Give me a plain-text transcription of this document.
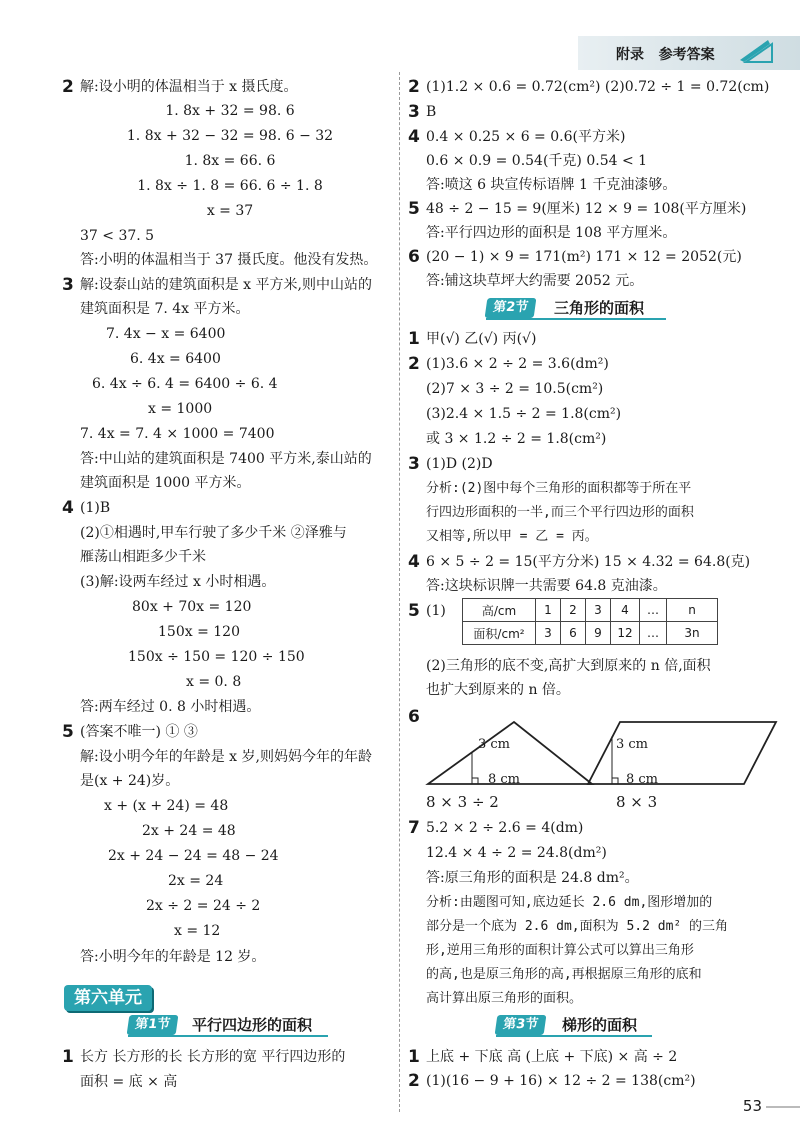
附录 参考答案
2 解:设小明的体温相当于 x 摄氏度。
1. 8x + 32 = 98. 6
1. 8x + 32 − 32 = 98. 6 − 32
1. 8x = 66. 6
1. 8x ÷ 1. 8 = 66. 6 ÷ 1. 8
x = 37
37 < 37. 5
答:小明的体温相当于 37 摄氏度。他没有发热。
3 解:设泰山站的建筑面积是 x 平方米,则中山站的
建筑面积是 7. 4x 平方米。
7. 4x − x = 6400
6. 4x = 6400
6. 4x ÷ 6. 4 = 6400 ÷ 6. 4
x = 1000
7. 4x = 7. 4 × 1000 = 7400
答:中山站的建筑面积是 7400 平方米,泰山站的
建筑面积是 1000 平方米。
4 (1)B
(2)①相遇时,甲车行驶了多少千米 ②泽雅与
雁荡山相距多少千米
(3)解:设两车经过 x 小时相遇。
80x + 70x = 120
150x = 120
150x ÷ 150 = 120 ÷ 150
x = 0. 8
答:两车经过 0. 8 小时相遇。
5 (答案不唯一) ① ③
解:设小明今年的年龄是 x 岁,则妈妈今年的年龄
是(x + 24)岁。
x + (x + 24) = 48
2x + 24 = 48
2x + 24 − 24 = 48 − 24
2x = 24
2x ÷ 2 = 24 ÷ 2
x = 12
答:小明今年的年龄是 12 岁。
第六单元
第1节	平行四边形的面积
1 长方 长方形的长 长方形的宽 平行四边形的
面积 = 底 × 高
2 (1)1.2 × 0.6 = 0.72(cm²) (2)0.72 ÷ 1 = 0.72(cm)
3 B
4 0.4 × 0.25 × 6 = 0.6(平方米)
0.6 × 0.9 = 0.54(千克) 0.54 < 1
答:喷这 6 块宣传标语牌 1 千克油漆够。
5 48 ÷ 2 − 15 = 9(厘米) 12 × 9 = 108(平方厘米)
答:平行四边形的面积是 108 平方厘米。
6 (20 − 1) × 9 = 171(m²) 171 × 12 = 2052(元)
答:铺这块草坪大约需要 2052 元。
第2节	三角形的面积
1 甲(√) 乙(√) 丙(√)
2 (1)3.6 × 2 ÷ 2 = 3.6(dm²)
(2)7 × 3 ÷ 2 = 10.5(cm²)
(3)2.4 × 1.5 ÷ 2 = 1.8(cm²)
或 3 × 1.2 ÷ 2 = 1.8(cm²)
3 (1)D (2)D
分析:(2)图中每个三角形的面积都等于所在平
行四边形面积的一半,而三个平行四边形的面积
又相等,所以甲 = 乙 = 丙。
4 6 × 5 ÷ 2 = 15(平方分米) 15 × 4.32 = 64.8(克)
答:这块标识牌一共需要 64.8 克油漆。
5 (1)	高/cm	1	2	3	4	…	n
面积/cm²	3	6	9	12	…	3n
(2)三角形的底不变,高扩大到原来的 n 倍,面积
也扩大到原来的 n 倍。
6
3 cm	3 cm
8 cm	8 cm
8 × 3 ÷ 2	8 × 3
7 5.2 × 2 ÷ 2.6 = 4(dm)
12.4 × 4 ÷ 2 = 24.8(dm²)
答:原三角形的面积是 24.8 dm²。
分析:由题图可知,底边延长 2.6 dm,图形增加的
部分是一个底为 2.6 dm,面积为 5.2 dm² 的三角
形,逆用三角形的面积计算公式可以算出三角形
的高,也是原三角形的高,再根据原三角形的底和
高计算出原三角形的面积。
第3节	梯形的面积
1 上底 + 下底 高 (上底 + 下底) × 高 ÷ 2
2 (1)(16 − 9 + 16) × 12 ÷ 2 = 138(cm²)
53
